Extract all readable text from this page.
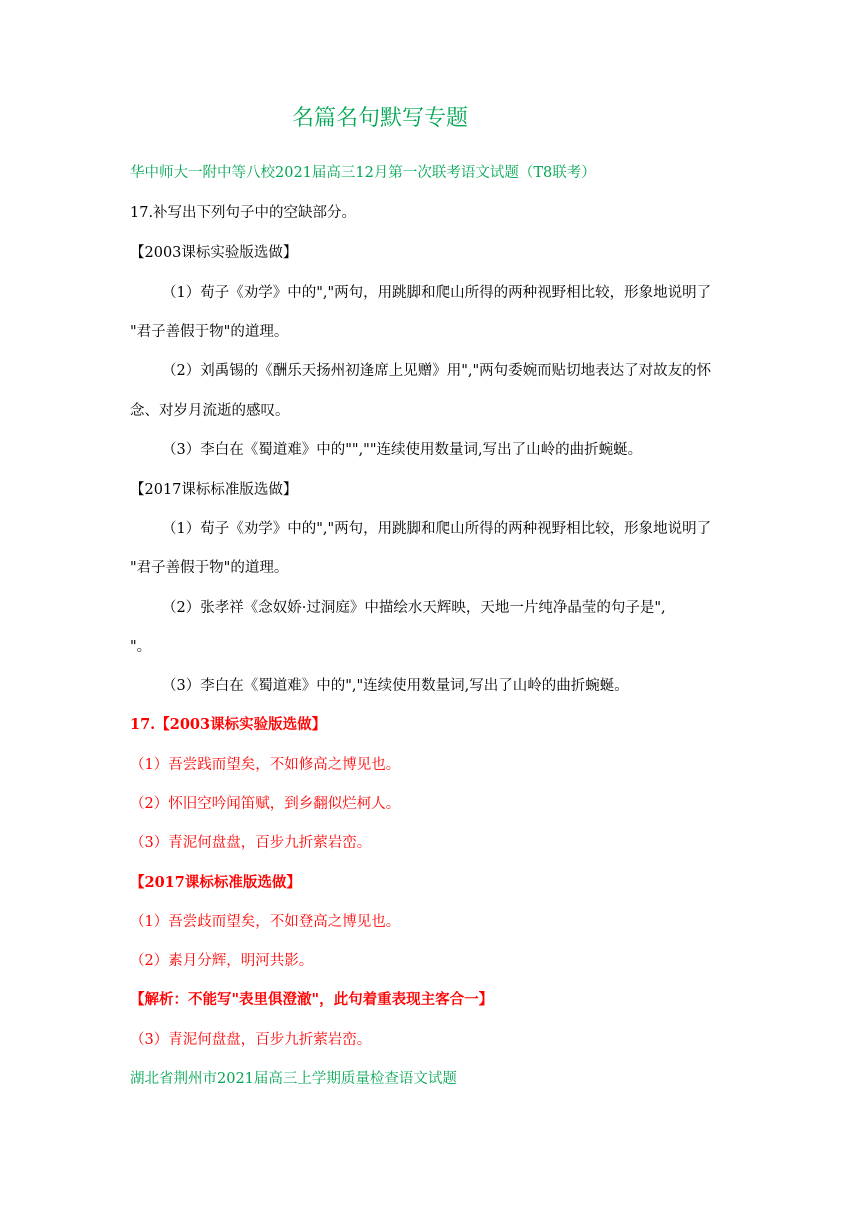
名篇名句默写专题
华中师大一附中等八校2021届高三12月第一次联考语文试题（T8联考）
17.补写出下列句子中的空缺部分。
【2003课标实验版选做】
（1）荀子《劝学》中的","两句，用跳脚和爬山所得的两种视野相比较，形象地说明了
"君子善假于物"的道理。
（2）刘禹锡的《酬乐天扬州初逢席上见赠》用","两句委婉而贴切地表达了对故友的怀
念、对岁月流逝的感叹。
（3）李白在《蜀道难》中的"",""连续使用数量词,写出了山岭的曲折蜿蜒。
【2017课标标准版选做】
（1）荀子《劝学》中的","两句，用跳脚和爬山所得的两种视野相比较，形象地说明了
"君子善假于物"的道理。
（2）张孝祥《念奴娇·过洞庭》中描绘水天辉映，天地一片纯净晶莹的句子是",
"。
（3）李白在《蜀道难》中的","连续使用数量词,写出了山岭的曲折蜿蜒。
17.【2003课标实验版选做】
（1）吾尝践而望矣，不如修高之博见也。
（2）怀旧空吟闻笛赋，到乡翻似烂柯人。
（3）青泥何盘盘，百步九折萦岩峦。
【2017课标标准版选做】
（1）吾尝歧而望矣，不如登高之博见也。
（2）素月分辉，明河共影。
【解析：不能写"表里俱澄澈"，此句着重表现主客合一】
（3）青泥何盘盘，百步九折萦岩峦。
湖北省荆州市2021届高三上学期质量检查语文试题
